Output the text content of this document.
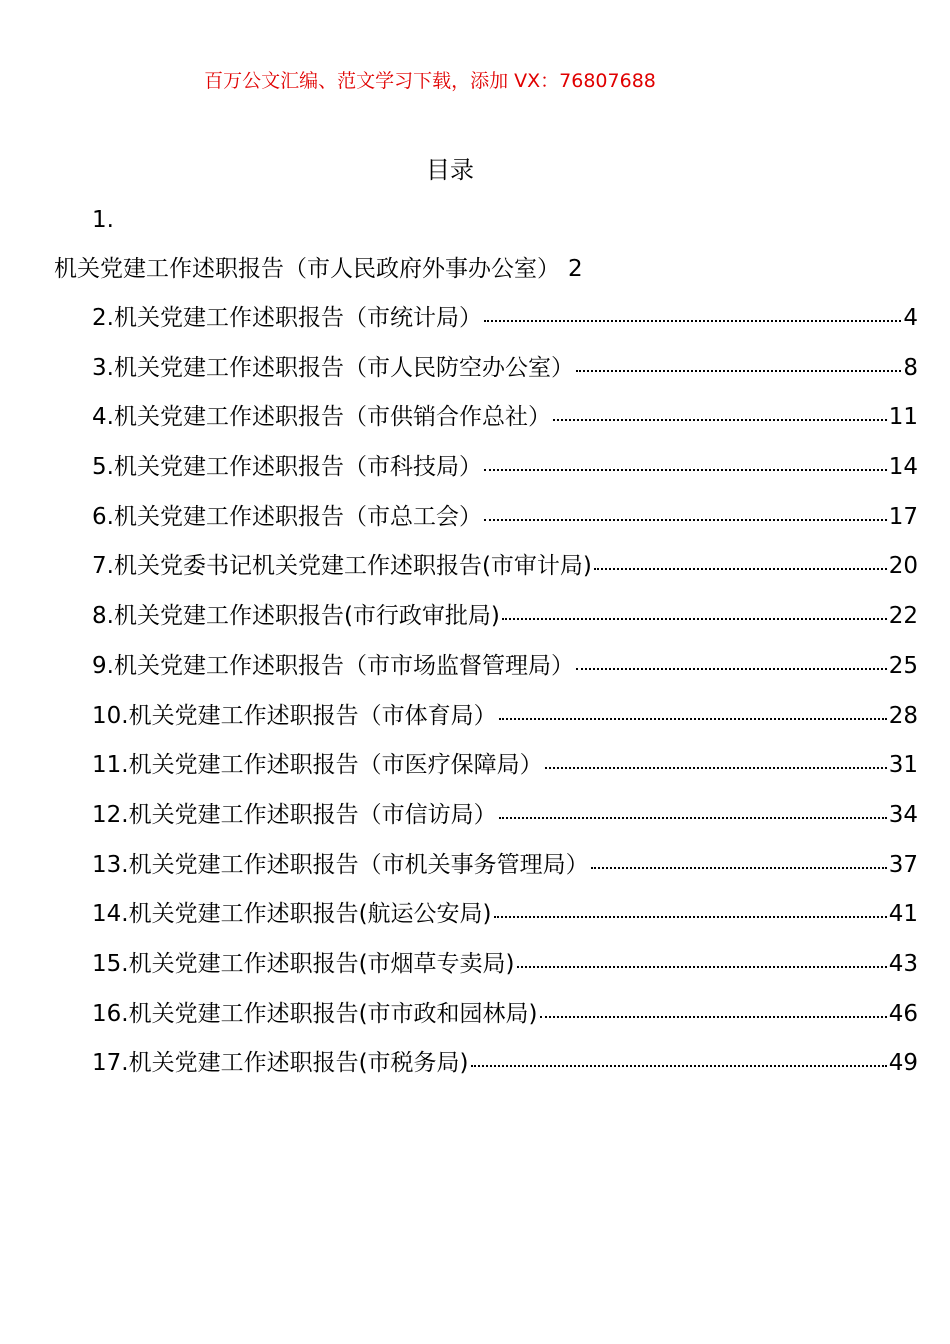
百万公文汇编、范文学习下载，添加 VX：76807688
目录
1.
机关党建工作述职报告（市人民政府外事办公室） 2
2.机关党建工作述职报告（市统计局）	4
3.机关党建工作述职报告（市人民防空办公室）	8
4.机关党建工作述职报告（市供销合作总社）	11
5.机关党建工作述职报告（市科技局）	14
6.机关党建工作述职报告（市总工会）	17
7.机关党委书记机关党建工作述职报告(市审计局)	20
8.机关党建工作述职报告(市行政审批局)	22
9.机关党建工作述职报告（市市场监督管理局）	25
10.机关党建工作述职报告（市体育局）	28
11.机关党建工作述职报告（市医疗保障局）	31
12.机关党建工作述职报告（市信访局）	34
13.机关党建工作述职报告（市机关事务管理局）	37
14.机关党建工作述职报告(航运公安局)	41
15.机关党建工作述职报告(市烟草专卖局)	43
16.机关党建工作述职报告(市市政和园林局)	46
17.机关党建工作述职报告(市税务局)	49
